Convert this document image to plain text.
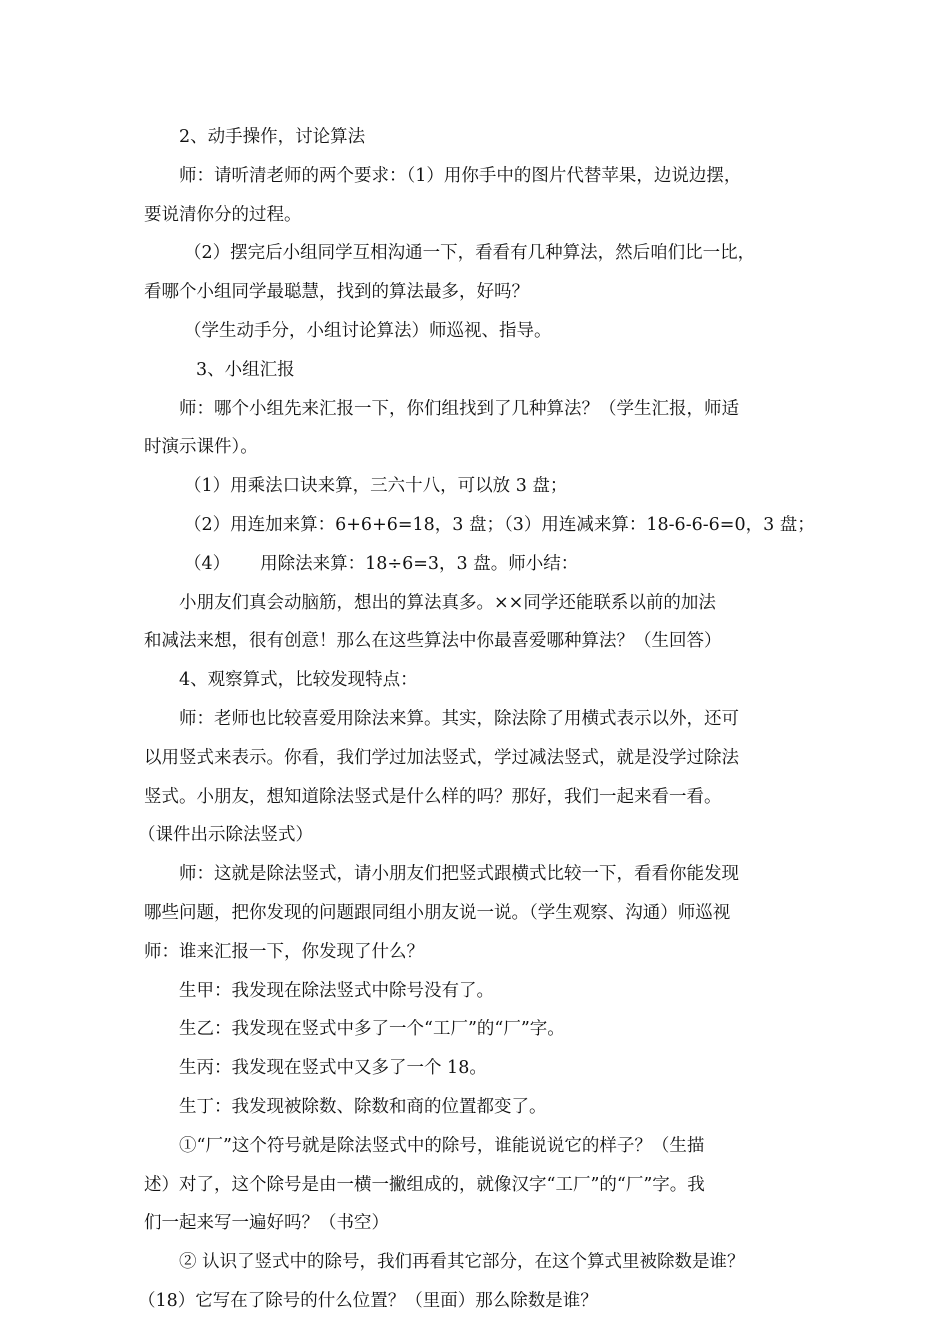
2、动手操作，讨论算法
师：请听清老师的两个要求：（1）用你手中的图片代替苹果，边说边摆，
要说清你分的过程。
（2）摆完后小组同学互相沟通一下，看看有几种算法，然后咱们比一比，
看哪个小组同学最聪慧，找到的算法最多，好吗？
（学生动手分，小组讨论算法）师巡视、指导。
3、小组汇报
师：哪个小组先来汇报一下，你们组找到了几种算法？（学生汇报，师适
时演示课件）。
（1）用乘法口诀来算，三六十八，可以放 3 盘；
（2）用连加来算：6+6+6=18，3 盘；（3）用连减来算：18-6-6-6=0，3 盘；
（4） 用除法来算：18÷6=3，3 盘。师小结：
小朋友们真会动脑筋，想出的算法真多。××同学还能联系以前的加法
和减法来想，很有创意！那么在这些算法中你最喜爱哪种算法？（生回答）
4、观察算式，比较发现特点：
师：老师也比较喜爱用除法来算。其实，除法除了用横式表示以外，还可
以用竖式来表示。你看，我们学过加法竖式，学过减法竖式，就是没学过除法
竖式。小朋友，想知道除法竖式是什么样的吗？那好，我们一起来看一看。
（课件出示除法竖式）
师：这就是除法竖式，请小朋友们把竖式跟横式比较一下，看看你能发现
哪些问题，把你发现的问题跟同组小朋友说一说。（学生观察、沟通）师巡视
师：谁来汇报一下，你发现了什么？
生甲：我发现在除法竖式中除号没有了。
生乙：我发现在竖式中多了一个“工厂”的“厂”字。
生丙：我发现在竖式中又多了一个 18。
生丁：我发现被除数、除数和商的位置都变了。
①“厂”这个符号就是除法竖式中的除号，谁能说说它的样子？（生描
述）对了，这个除号是由一横一撇组成的，就像汉字“工厂”的“厂”字。我
们一起来写一遍好吗？（书空）
② 认识了竖式中的除号，我们再看其它部分，在这个算式里被除数是谁？
（18）它写在了除号的什么位置？（里面）那么除数是谁？
